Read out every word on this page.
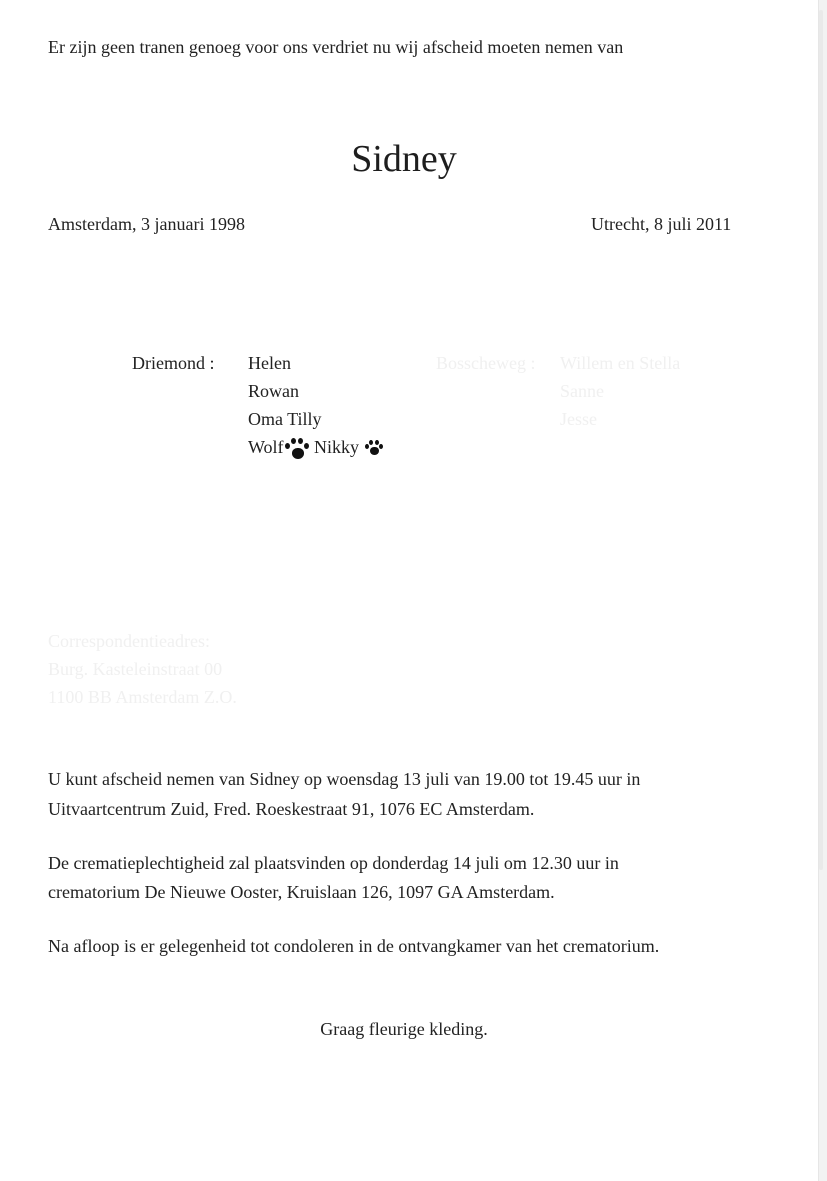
Er zijn geen tranen genoeg voor ons verdriet nu wij afscheid moeten nemen van
Sidney
Amsterdam, 3 januari 1998	Utrecht, 8 juli 2011
Driemond : Helen
Rowan
Oma Tilly
Wolf Nikky
Bosscheweg : Willem en Stella
Sanne
Jesse
Correspondentieadres:
Burg. Kasteleinstraat 00
1100 BB Amsterdam Z.O.
U kunt afscheid nemen van Sidney op woensdag 13 juli van 19.00 tot 19.45 uur in
Uitvaartcentrum Zuid, Fred. Roeskestraat 91, 1076 EC Amsterdam.
De crematieplechtigheid zal plaatsvinden op donderdag 14 juli om 12.30 uur in
crematorium De Nieuwe Ooster, Kruislaan 126, 1097 GA Amsterdam.
Na afloop is er gelegenheid tot condoleren in de ontvangkamer van het crematorium.
Graag fleurige kleding.
